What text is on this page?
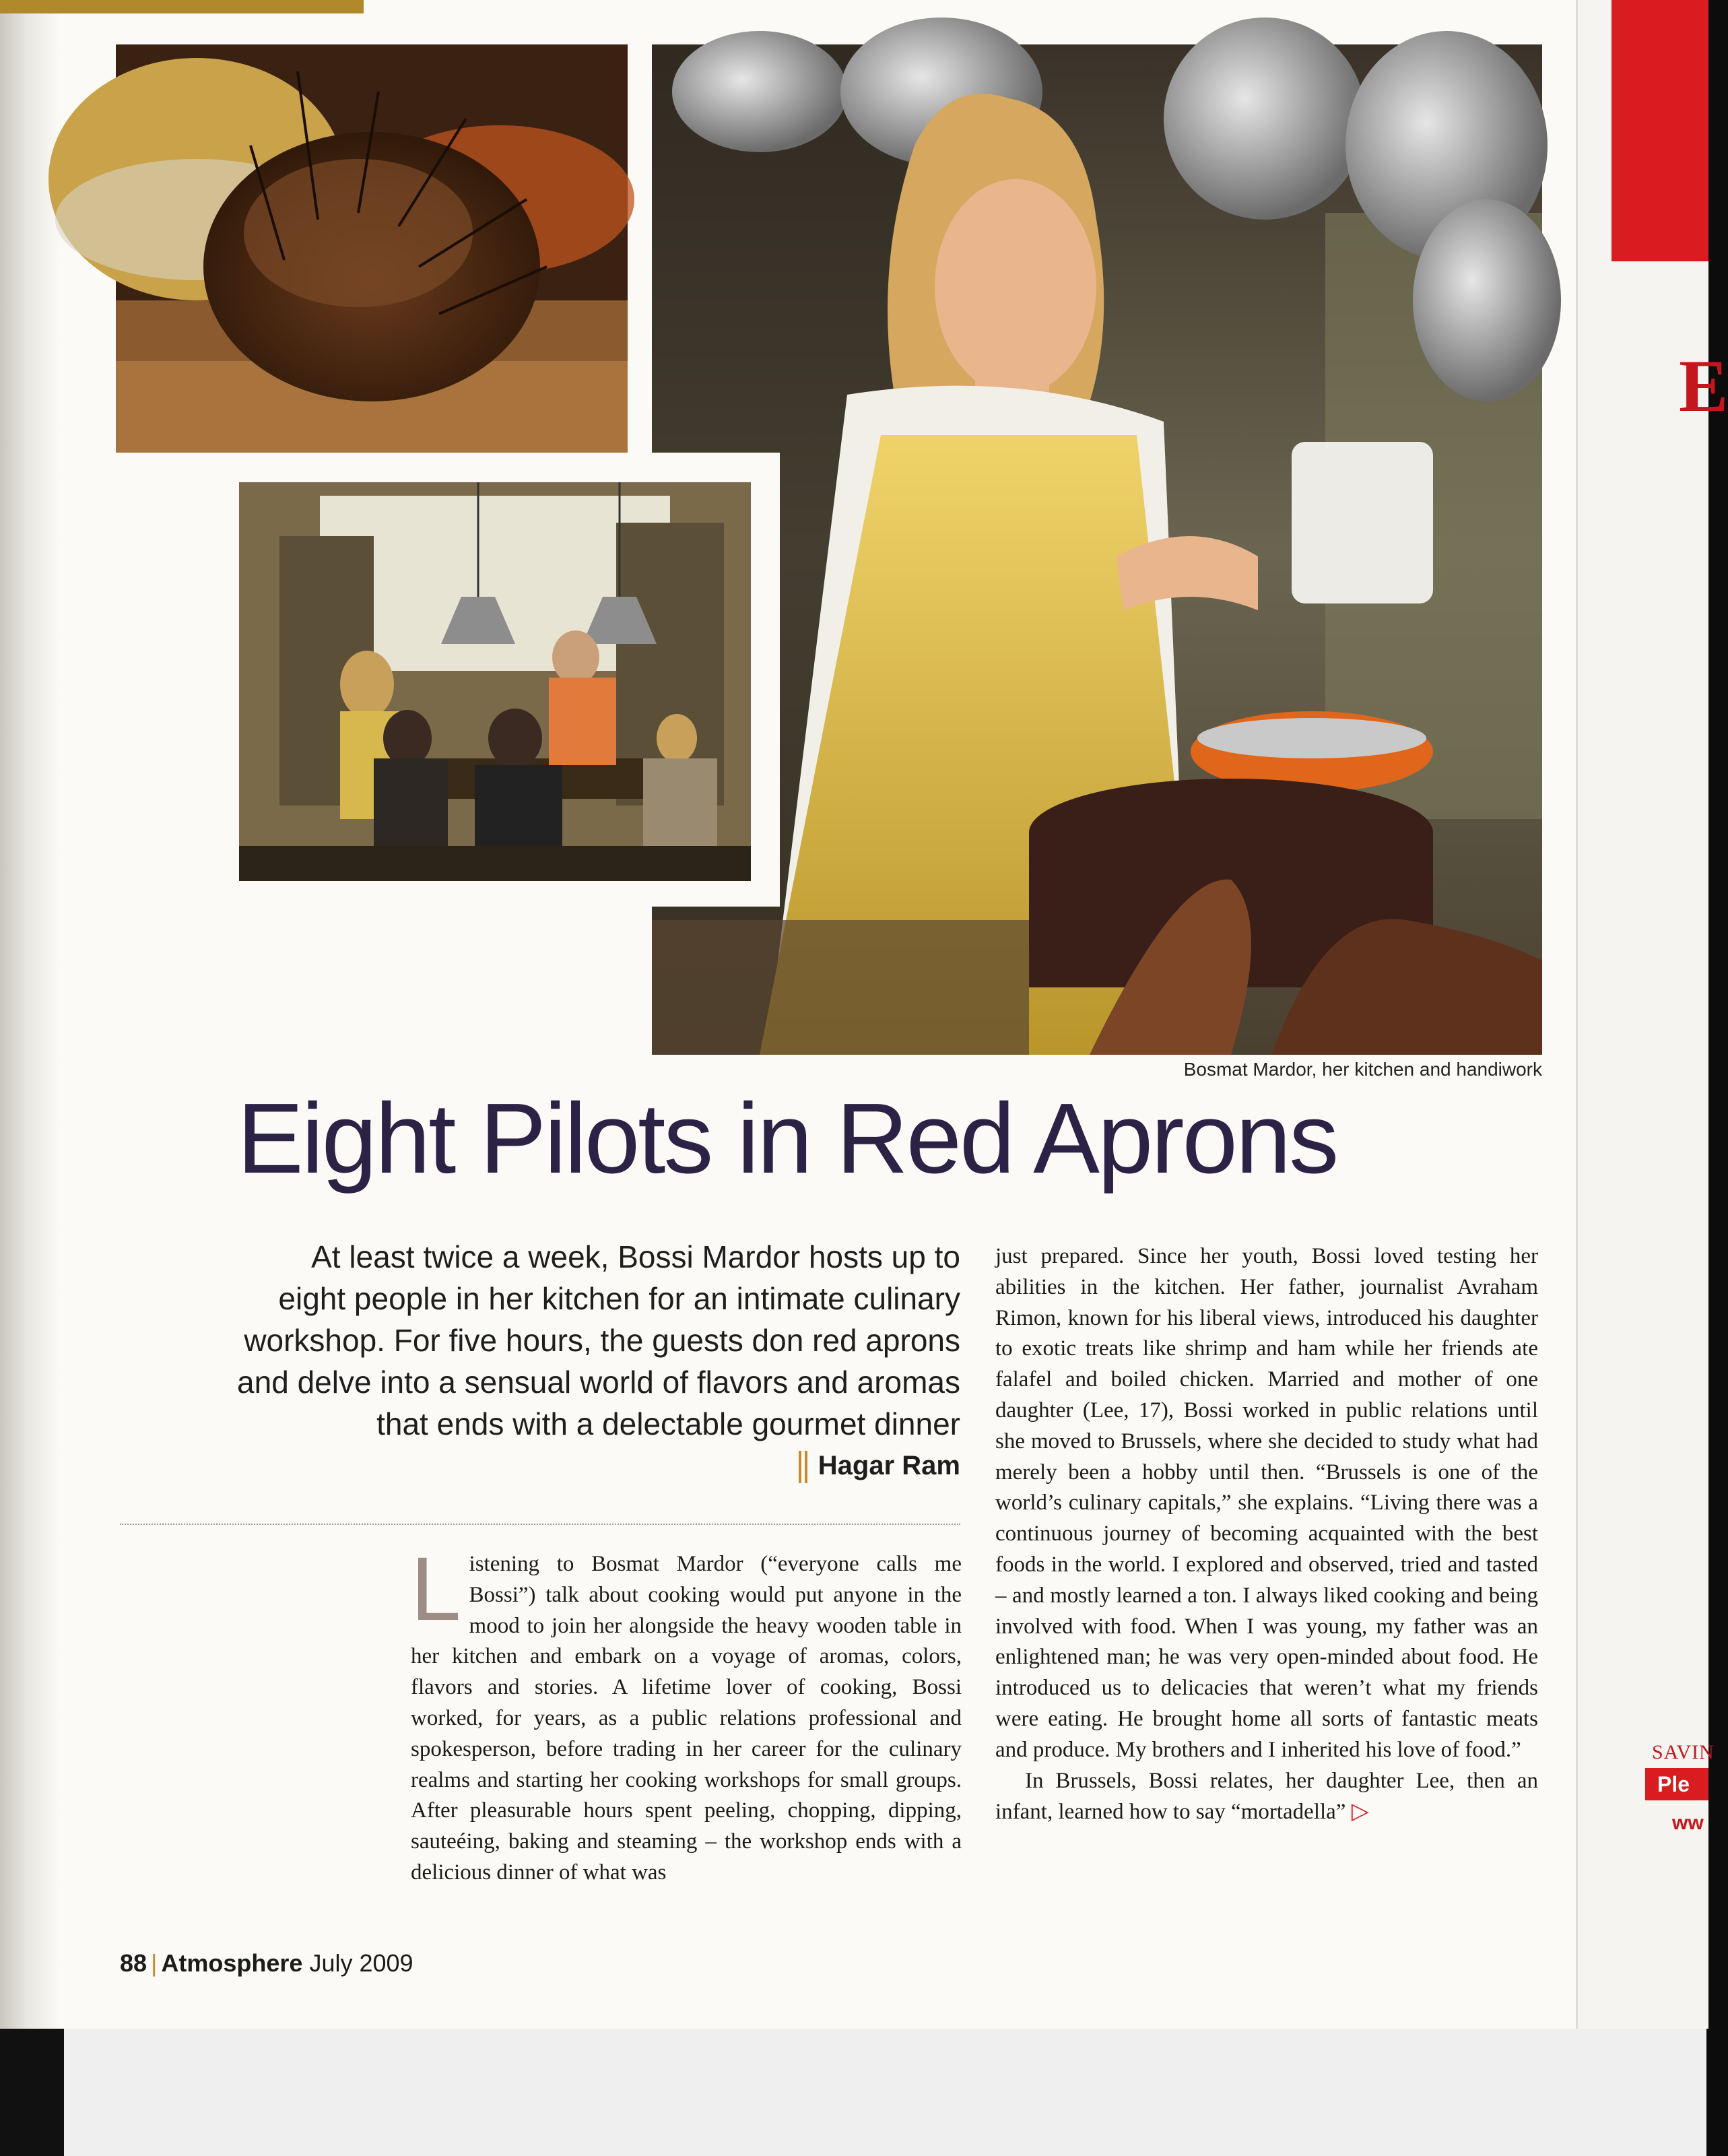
Bosmat Mardor, her kitchen and handiwork
Eight Pilots in Red Aprons
At least twice a week, Bossi Mardor hosts up to
eight people in her kitchen for an intimate culinary
workshop. For five hours, the guests don red aprons
and delve into a sensual world of flavors and aromas
that ends with a delectable gourmet dinner
Hagar Ram

Listening to Bosmat Mardor (“everyone calls me Bossi”) talk about cooking would put anyone in the mood to join her alongside the heavy wooden table in her kitchen and embark on a voyage of aromas, colors, flavors and stories. A lifetime lover of cooking, Bossi worked, for years, as a public relations professional and spokesperson, before trading in her career for the culinary realms and starting her cooking workshops for small groups. After pleasurable hours spent peeling, chopping, dipping, sauteéing, baking and steaming – the workshop ends with a delicious dinner of what was

just prepared. Since her youth, Bossi loved testing her abilities in the kitchen. Her father, journalist Avraham Rimon, known for his liberal views, introduced his daughter to exotic treats like shrimp and ham while her friends ate falafel and boiled chicken. Married and mother of one daughter (Lee, 17), Bossi worked in public relations until she moved to Brussels, where she decided to study what had merely been a hobby until then. “Brussels is one of the world’s culinary capitals,” she explains. “Living there was a continuous journey of becoming acquainted with the best foods in the world. I explored and observed, tried and tasted – and mostly learned a ton. I always liked cooking and being involved with food. When I was young, my father was an enlightened man; he was very open-minded about food. He introduced us to delicacies that weren’t what my friends were eating. He brought home all sorts of fantastic meats and produce. My brothers and I inherited his love of food.”

In Brussels, Bossi relates, her daughter Lee, then an infant, learned how to say “mortadella” ▷

88 | Atmosphere July 2009
E
SAVIN
Ple
ww
